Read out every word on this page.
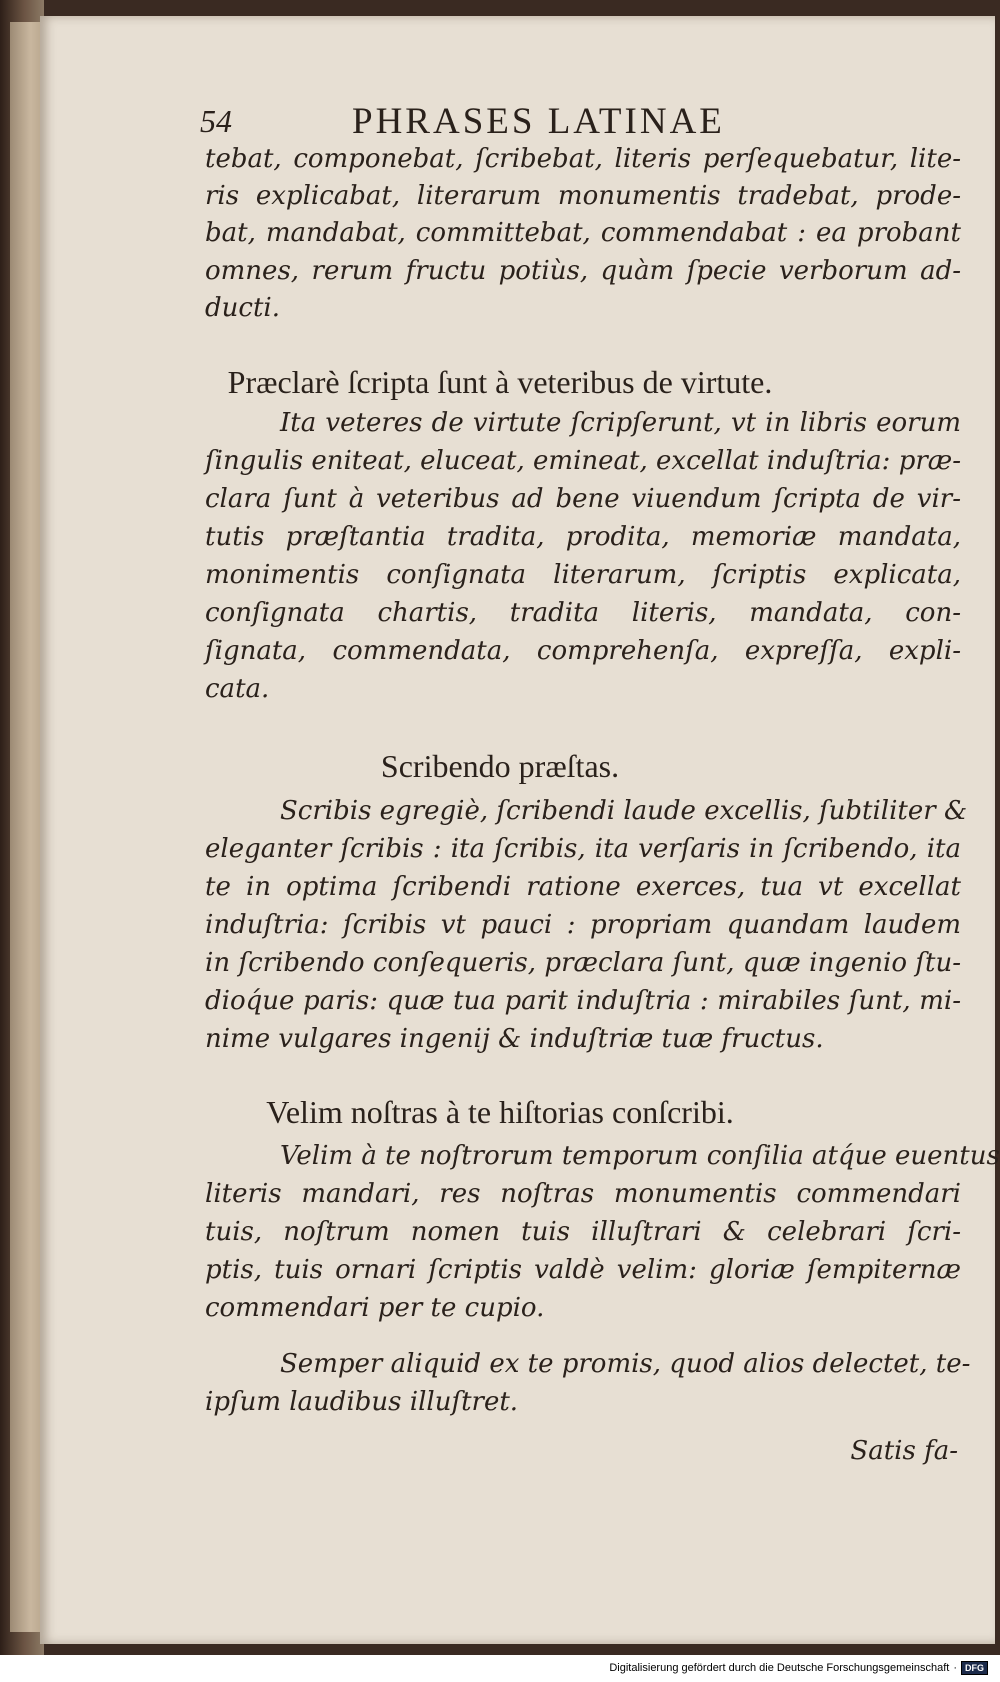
54	PHRASES LATINAE
tebat, componebat, ſcribebat, literis perſequebatur, lite-
ris explicabat, literarum monumentis tradebat, prode-
bat, mandabat, committebat, commendabat : ea probant
omnes, rerum fructu potiùs, quàm ſpecie verborum ad-
ducti.
Præclarè ſcripta ſunt à veteribus de virtute.
Ita veteres de virtute ſcripſerunt, vt in libris eorum
ſingulis eniteat, eluceat, emineat, excellat induſtria: præ-
clara ſunt à veteribus ad bene viuendum ſcripta de vir-
tutis præſtantia tradita, prodita, memoriæ mandata,
monimentis conſignata literarum, ſcriptis explicata,
conſignata chartis, tradita literis, mandata, con-
ſignata, commendata, comprehenſa, expreſſa, expli-
cata.
Scribendo præſtas.
Scribis egregiè, ſcribendi laude excellis, ſubtiliter &
eleganter ſcribis : ita ſcribis, ita verſaris in ſcribendo, ita
te in optima ſcribendi ratione exerces, tua vt excellat
induſtria: ſcribis vt pauci : propriam quandam laudem
in ſcribendo conſequeris, præclara ſunt, quæ ingenio ſtu-
dioq́ue paris: quæ tua parit induſtria : mirabiles ſunt, mi-
nime vulgares ingenij & induſtriæ tuæ fructus.
Velim noſtras à te hiſtorias conſcribi.
Velim à te noſtrorum temporum conſilia atq́ue euentus
literis mandari, res noſtras monumentis commendari
tuis, noſtrum nomen tuis illuſtrari & celebrari ſcri-
ptis, tuis ornari ſcriptis valdè velim: gloriæ ſempiternæ
commendari per te cupio.
Semper aliquid ex te promis, quod alios delectet, te-
ipſum laudibus illuſtret.
Satis fa-
Digitalisierung gefördert durch die Deutsche Forschungsgemeinschaft · DFG
